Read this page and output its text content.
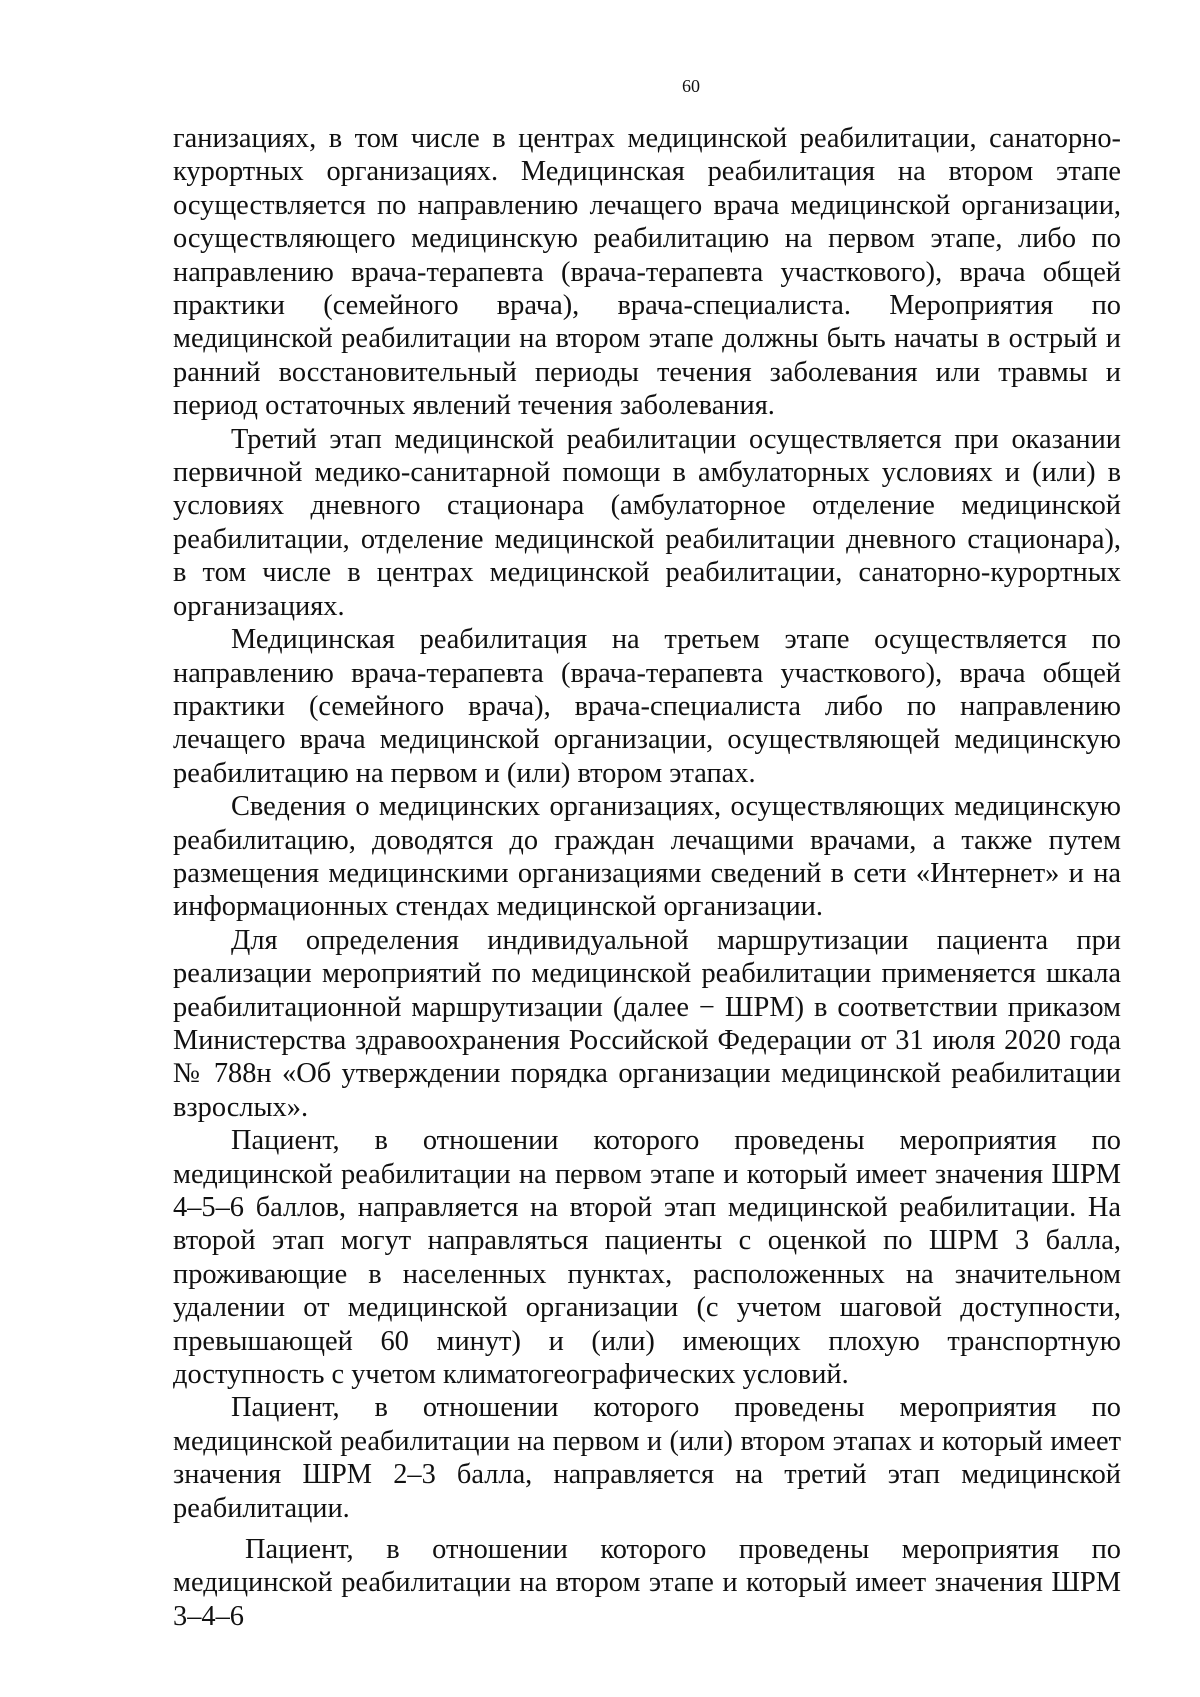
60

ганизациях, в том числе в центрах медицинской реабилитации, санаторно-курортных организациях. Медицинская реабилитация на втором этапе осуществляется по направлению лечащего врача медицинской организации, осуществляющего медицинскую реабилитацию на первом этапе, либо по направлению врача-терапевта (врача-терапевта участкового), врача общей практики (семейного врача), врача-специалиста. Мероприятия по медицинской реабилитации на втором этапе должны быть начаты в острый и ранний восстановительный периоды течения заболевания или травмы и период остаточных явлений течения заболевания.

Третий этап медицинской реабилитации осуществляется при оказании первичной медико-санитарной помощи в амбулаторных условиях и (или) в условиях дневного стационара (амбулаторное отделение медицинской реабилитации, отделение медицинской реабилитации дневного стационара), в том числе в центрах медицинской реабилитации, санаторно-курортных организациях.

Медицинская реабилитация на третьем этапе осуществляется по направлению врача-терапевта (врача-терапевта участкового), врача общей практики (семейного врача), врача-специалиста либо по направлению лечащего врача медицинской организации, осуществляющей медицинскую реабилитацию на первом и (или) втором этапах.

Сведения о медицинских организациях, осуществляющих медицинскую реабилитацию, доводятся до граждан лечащими врачами, а также путем размещения медицинскими организациями сведений в сети «Интернет» и на информационных стендах медицинской организации.

Для определения индивидуальной маршрутизации пациента при реализации мероприятий по медицинской реабилитации применяется шкала реабилитационной маршрутизации (далее − ШРМ) в соответствии приказом Министерства здравоохранения Российской Федерации от 31 июля 2020 года № 788н «Об утверждении порядка организации медицинской реабилитации взрослых».

Пациент, в отношении которого проведены мероприятия по медицинской реабилитации на первом этапе и который имеет значения ШРМ 4–5–6 баллов, направляется на второй этап медицинской реабилитации. На второй этап могут направляться пациенты с оценкой по ШРМ 3 балла, проживающие в населенных пунктах, расположенных на значительном удалении от медицинской организации (с учетом шаговой доступности, превышающей 60 минут) и (или) имеющих плохую транспортную доступность с учетом климатогеографических условий.

Пациент, в отношении которого проведены мероприятия по медицинской реабилитации на первом и (или) втором этапах и который имеет значения ШРМ 2–3 балла, направляется на третий этап медицинской реабилитации.

Пациент, в отношении которого проведены мероприятия по медицинской реабилитации на втором этапе и который имеет значения ШРМ 3–4–6
